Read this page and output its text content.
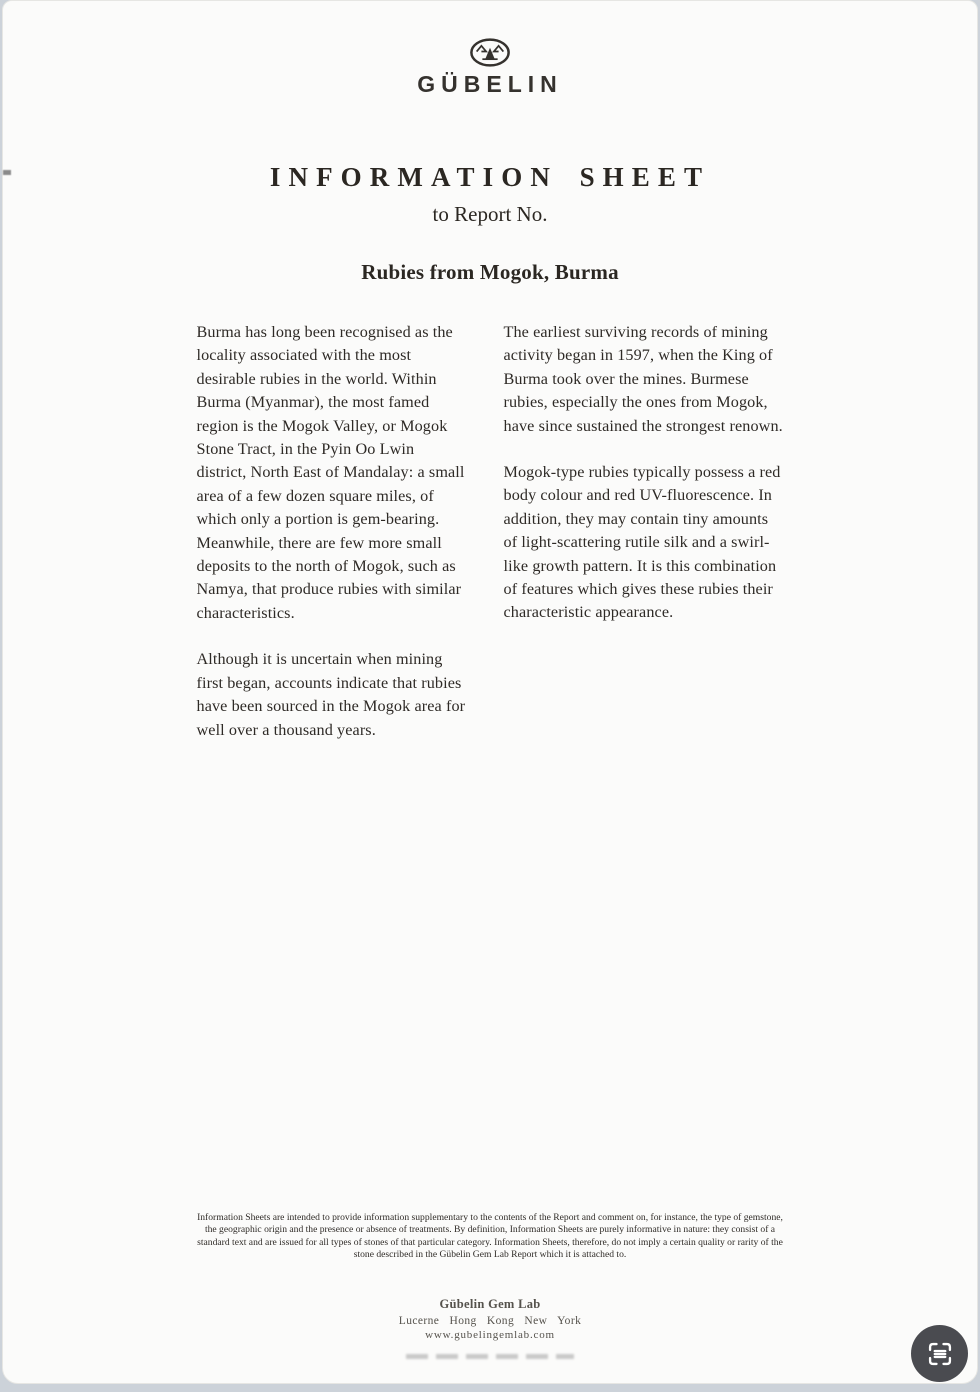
GÜBELIN
INFORMATION SHEET
to Report No.
Rubies from Mogok, Burma

Burma has long been recognised as the locality associated with the most desirable rubies in the world. Within Burma (Myanmar), the most famed region is the Mogok Valley, or Mogok Stone Tract, in the Pyin Oo Lwin district, North East of Mandalay: a small area of a few dozen square miles, of which only a portion is gem-bearing. Meanwhile, there are few more small deposits to the north of Mogok, such as Namya, that produce rubies with similar characteristics.

Although it is uncertain when mining first began, accounts indicate that rubies have been sourced in the Mogok area for well over a thousand years.

The earliest surviving records of mining activity began in 1597, when the King of Burma took over the mines. Burmese rubies, especially the ones from Mogok, have since sustained the strongest renown.

Mogok-type rubies typically possess a red body colour and red UV-fluorescence. In addition, they may contain tiny amounts of light-scattering rutile silk and a swirl-like growth pattern. It is this combination of features which gives these rubies their characteristic appearance.

Information Sheets are intended to provide information supplementary to the contents of the Report and comment on, for instance, the type of gemstone, the geographic origin and the presence or absence of treatments. By definition, Information Sheets are purely informative in nature: they consist of a standard text and are issued for all types of stones of that particular category. Information Sheets, therefore, do not imply a certain quality or rarity of the stone described in the Gübelin Gem Lab Report which it is attached to.
Gübelin Gem Lab
Lucerne Hong Kong New York
www.gubelingemlab.com
